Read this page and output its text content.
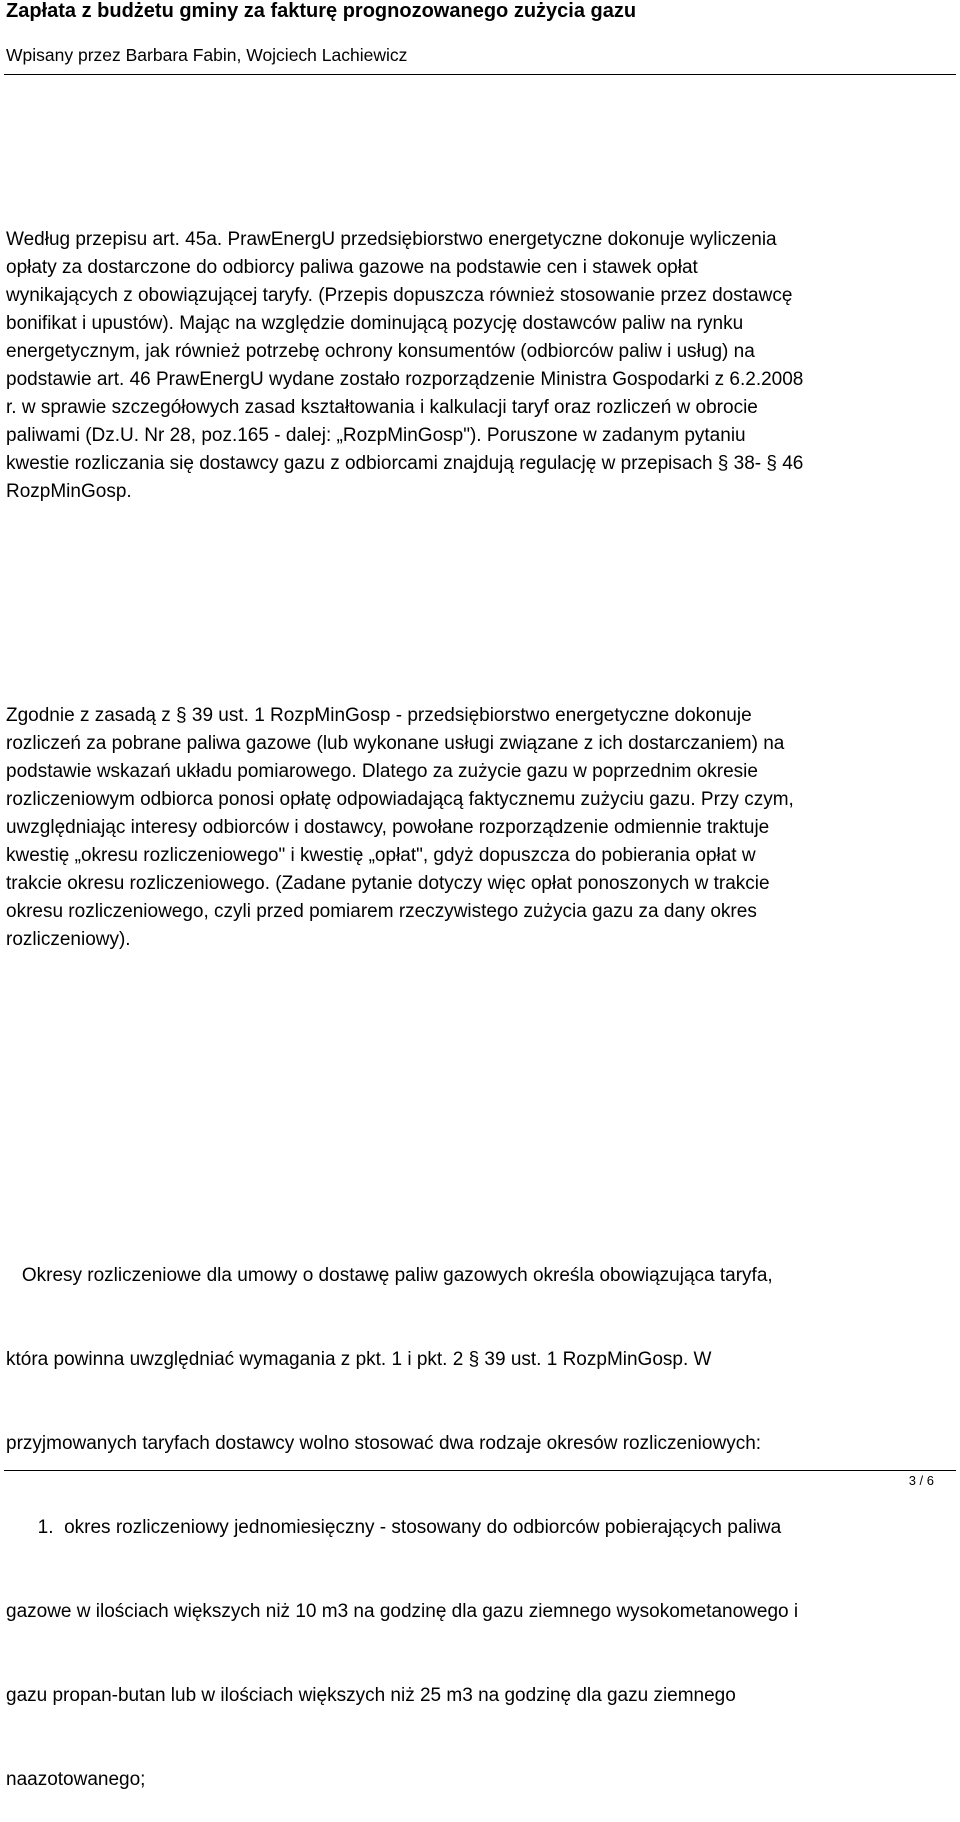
Zapłata z budżetu gminy za fakturę prognozowanego zużycia gazu
Wpisany przez Barbara Fabin, Wojciech Lachiewicz
Według przepisu art. 45a. PrawEnergU przedsiębiorstwo energetyczne dokonuje wyliczenia
opłaty za dostarczone do odbiorcy paliwa gazowe na podstawie cen i stawek opłat
wynikających z obowiązującej taryfy. (Przepis dopuszcza również stosowanie przez dostawcę
bonifikat i upustów). Mając na względzie dominującą pozycję dostawców paliw na rynku
energetycznym, jak również potrzebę ochrony konsumentów (odbiorców paliw i usług) na
podstawie art. 46 PrawEnergU wydane zostało rozporządzenie Ministra Gospodarki z 6.2.2008
r. w sprawie szczegółowych zasad kształtowania i kalkulacji taryf oraz rozliczeń w obrocie
paliwami (Dz.U. Nr 28, poz.165 - dalej: „RozpMinGosp"). Poruszone w zadanym pytaniu
kwestie rozliczania się dostawcy gazu z odbiorcami znajdują regulację w przepisach § 38- § 46
RozpMinGosp.
Zgodnie z zasadą z § 39 ust. 1 RozpMinGosp - przedsiębiorstwo energetyczne dokonuje
rozliczeń za pobrane paliwa gazowe (lub wykonane usługi związane z ich dostarczaniem) na
podstawie wskazań układu pomiarowego. Dlatego za zużycie gazu w poprzednim okresie
rozliczeniowym odbiorca ponosi opłatę odpowiadającą faktycznemu zużyciu gazu. Przy czym,
uwzględniając interesy odbiorców i dostawcy, powołane rozporządzenie odmiennie traktuje
kwestię „okresu rozliczeniowego" i kwestię „opłat", gdyż dopuszcza do pobierania opłat w
trakcie okresu rozliczeniowego. (Zadane pytanie dotyczy więc opłat ponoszonych w trakcie
okresu rozliczeniowego, czyli przed pomiarem rzeczywistego zużycia gazu za dany okres
rozliczeniowy).

Okresy rozliczeniowe dla umowy o dostawę paliw gazowych określa obowiązująca taryfa,

która powinna uwzględniać wymagania z pkt. 1 i pkt. 2 § 39 ust. 1 RozpMinGosp. W

przyjmowanych taryfach dostawcy wolno stosować dwa rodzaje okresów rozliczeniowych:

1.  okres rozliczeniowy jednomiesięczny - stosowany do odbiorców pobierających paliwa

gazowe w ilościach większych niż 10 m3 na godzinę dla gazu ziemnego wysokometanowego i

gazu propan-butan lub w ilościach większych niż 25 m3 na godzinę dla gazu ziemnego

naazotowanego;

3 / 6
